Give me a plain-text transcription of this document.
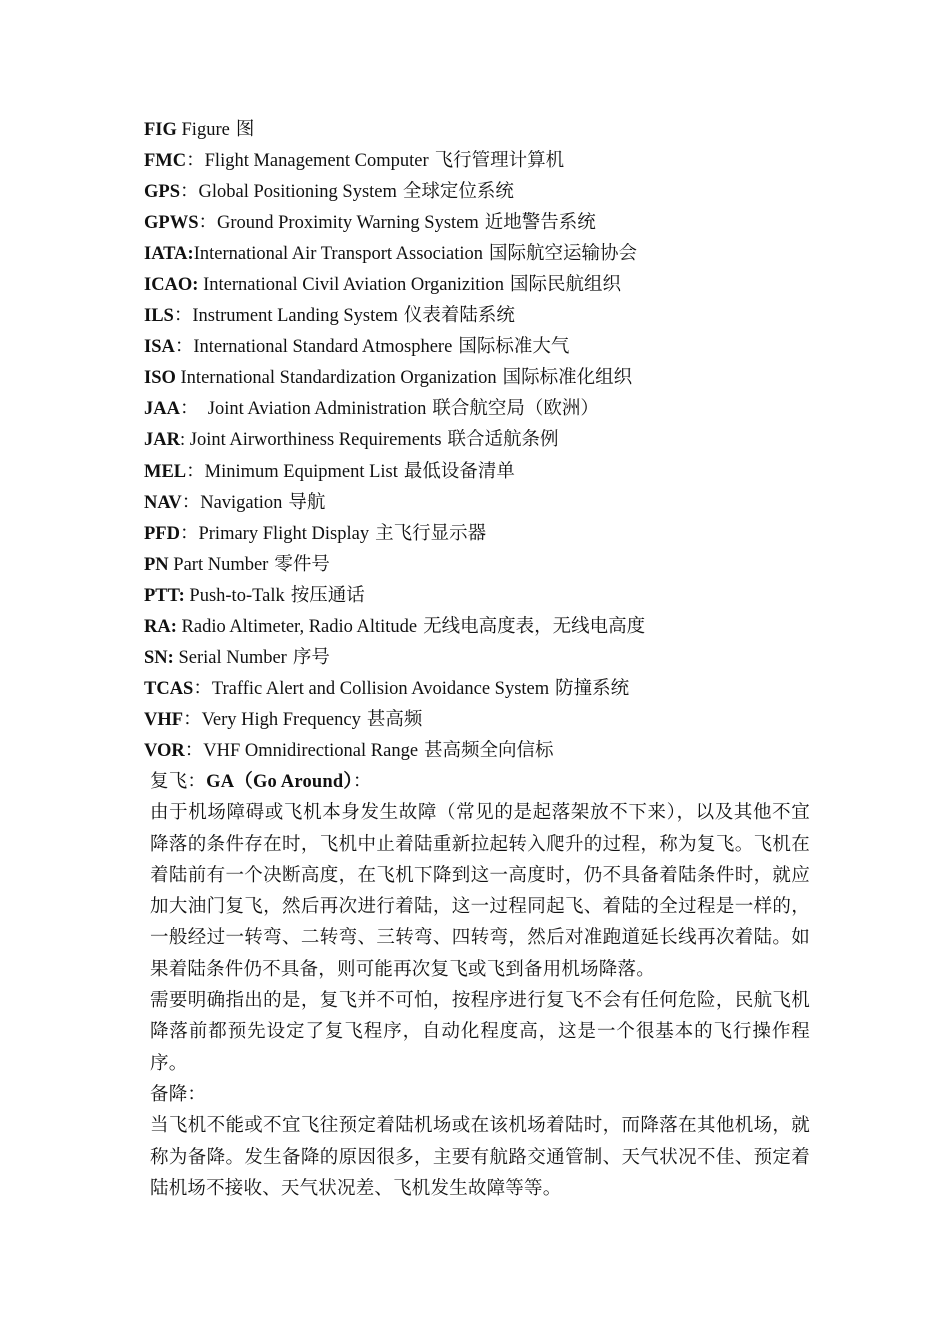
FIG Figure 图
FMC：Flight Management Computer 飞行管理计算机
GPS：Global Positioning System 全球定位系统
GPWS：Ground Proximity Warning System 近地警告系统
IATA:International Air Transport Association 国际航空运输协会
ICAO: International Civil Aviation Organizition 国际民航组织
ILS：Instrument Landing System 仪表着陆系统
ISA：International Standard Atmosphere 国际标准大气
ISO International Standardization Organization 国际标准化组织
JAA：  Joint Aviation Administration 联合航空局（欧洲）
JAR: Joint Airworthiness Requirements 联合适航条例
MEL：Minimum Equipment List 最低设备清单
NAV：Navigation 导航
PFD：Primary Flight Display 主飞行显示器
PN Part Number 零件号
PTT: Push-to-Talk 按压通话
RA: Radio Altimeter, Radio Altitude 无线电高度表，无线电高度
SN: Serial Number 序号
TCAS：Traffic Alert and Collision Avoidance System 防撞系统
VHF：Very High Frequency 甚高频
VOR：VHF Omnidirectional Range 甚高频全向信标

复飞：GA（Go Around）：

由于机场障碍或飞机本身发生故障（常见的是起落架放不下来），以及其他不宜降落的条件存在时，飞机中止着陆重新拉起转入爬升的过程，称为复飞。飞机在着陆前有一个决断高度，在飞机下降到这一高度时，仍不具备着陆条件时，就应加大油门复飞，然后再次进行着陆，这一过程同起飞、着陆的全过程是一样的，一般经过一转弯、二转弯、三转弯、四转弯，然后对准跑道延长线再次着陆。如果着陆条件仍不具备，则可能再次复飞或飞到备用机场降落。

需要明确指出的是，复飞并不可怕，按程序进行复飞不会有任何危险，民航飞机降落前都预先设定了复飞程序，自动化程度高，这是一个很基本的飞行操作程序。

备降：

当飞机不能或不宜飞往预定着陆机场或在该机场着陆时，而降落在其他机场，就称为备降。发生备降的原因很多，主要有航路交通管制、天气状况不佳、预定着陆机场不接收、天气状况差、飞机发生故障等等。
